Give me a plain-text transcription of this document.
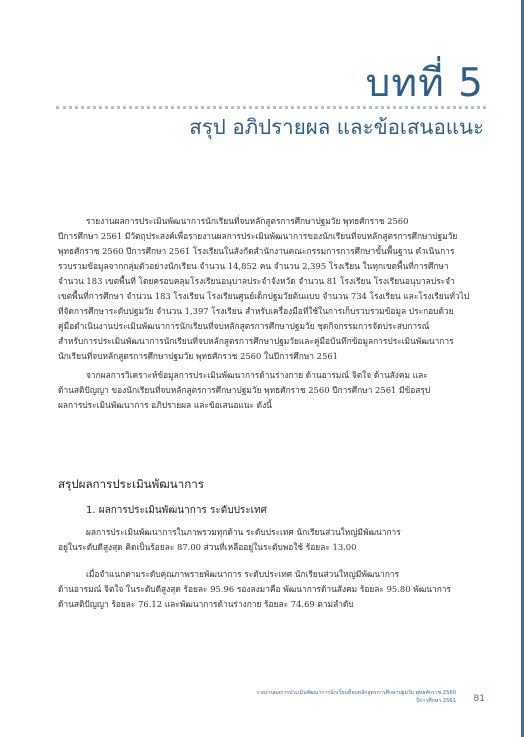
บทที่ 5
สรุป อภิปรายผล และข้อเสนอแนะ
รายงานผลการประเมินพัฒนาการนักเรียนที่จบหลักสูตรการศึกษาปฐมวัย พุทธศักราช 2560
ปีการศึกษา 2561 มีวัตถุประสงค์เพื่อรายงานผลการประเมินพัฒนาการของนักเรียนที่จบหลักสูตรการศึกษาปฐมวัย
พุทธศักราช 2560 ปีการศึกษา 2561 โรงเรียนในสังกัดสำนักงานคณะกรรมการการศึกษาขั้นพื้นฐาน ดำเนินการ
รวบรวมข้อมูลจากกลุ่มตัวอย่างนักเรียน จำนวน 14,852 คน จำนวน 2,395 โรงเรียน ในทุกเขตพื้นที่การศึกษา
จำนวน 183 เขตพื้นที่ โดยครอบคลุมโรงเรียนอนุบาลประจำจังหวัด จำนวน 81 โรงเรียน โรงเรียนอนุบาลประจำ
เขตพื้นที่การศึกษา จำนวน 183 โรงเรียน โรงเรียนศูนย์เด็กปฐมวัยต้นแบบ จำนวน 734 โรงเรียน และโรงเรียนทั่วไป
ที่จัดการศึกษาระดับปฐมวัย จำนวน 1,397 โรงเรียน สำหรับเครื่องมือที่ใช้ในการเก็บรวบรวมข้อมูล ประกอบด้วย
คู่มือดำเนินงานประเมินพัฒนาการนักเรียนที่จบหลักสูตรการศึกษาปฐมวัย ชุดกิจกรรมการจัดประสบการณ์
สำหรับการประเมินพัฒนาการนักเรียนที่จบหลักสูตรการศึกษาปฐมวัยและคู่มือบันทึกข้อมูลการประเมินพัฒนาการ
นักเรียนที่จบหลักสูตรการศึกษาปฐมวัย พุทธศักราช 2560 ในปีการศึกษา 2561
จากผลการวิเคราะห์ข้อมูลการประเมินพัฒนาการด้านร่างกาย ด้านอารมณ์ จิตใจ ด้านสังคม และ
ด้านสติปัญญา ของนักเรียนที่จบหลักสูตรการศึกษาปฐมวัย พุทธศักราช 2560 ปีการศึกษา 2561 มีข้อสรุป
ผลการประเมินพัฒนาการ อภิปรายผล และข้อเสนอแนะ ดังนี้
สรุปผลการประเมินพัฒนาการ
1. ผลการประเมินพัฒนาการ ระดับประเทศ
ผลการประเมินพัฒนาการในภาพรวมทุกด้าน ระดับประเทศ นักเรียนส่วนใหญ่มีพัฒนาการ
อยู่ในระดับดีสูงสุด คิดเป็นร้อยละ 87.00 ส่วนที่เหลืออยู่ในระดับพอใช้ ร้อยละ 13.00
เมื่อจำแนกตามระดับคุณภาพรายพัฒนาการ ระดับประเทศ นักเรียนส่วนใหญ่มีพัฒนาการ
ด้านอารมณ์ จิตใจ ในระดับดีสูงสุด ร้อยละ 95.96 รองลงมาคือ พัฒนาการด้านสังคม ร้อยละ 95.80 พัฒนาการ
ด้านสติปัญญา ร้อยละ 76.12 และพัฒนาการด้านร่างกาย ร้อยละ 74.69 ตามลำดับ
รายงานผลการประเมินพัฒนาการนักเรียนที่จบหลักสูตรการศึกษาปฐมวัย พุทธศักราช 2560
ปีการศึกษา 2561 81
